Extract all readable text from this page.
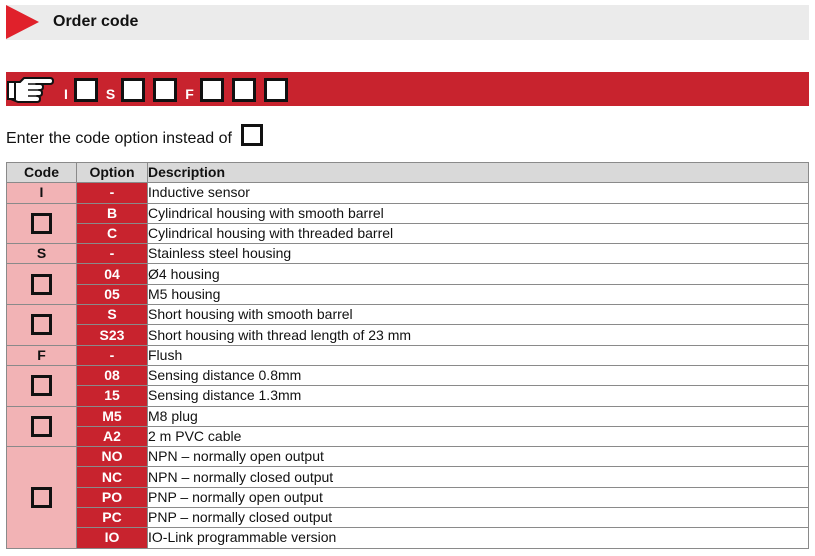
Order code
I	S	F
Enter the code option instead of
Code	Option	Description
I	-	Inductive sensor
	B	Cylindrical housing with smooth barrel
	C	Cylindrical housing with threaded barrel
S	-	Stainless steel housing
	04	Ø4 housing
	05	M5 housing
	S	Short housing with smooth barrel
	S23	Short housing with thread length of 23 mm
F	-	Flush
	08	Sensing distance 0.8mm
	15	Sensing distance 1.3mm
	M5	M8 plug
	A2	2 m PVC cable
	NO	NPN – normally open output
	NC	NPN – normally closed output
	PO	PNP – normally open output
	PC	PNP – normally closed output
	IO	IO-Link programmable version
